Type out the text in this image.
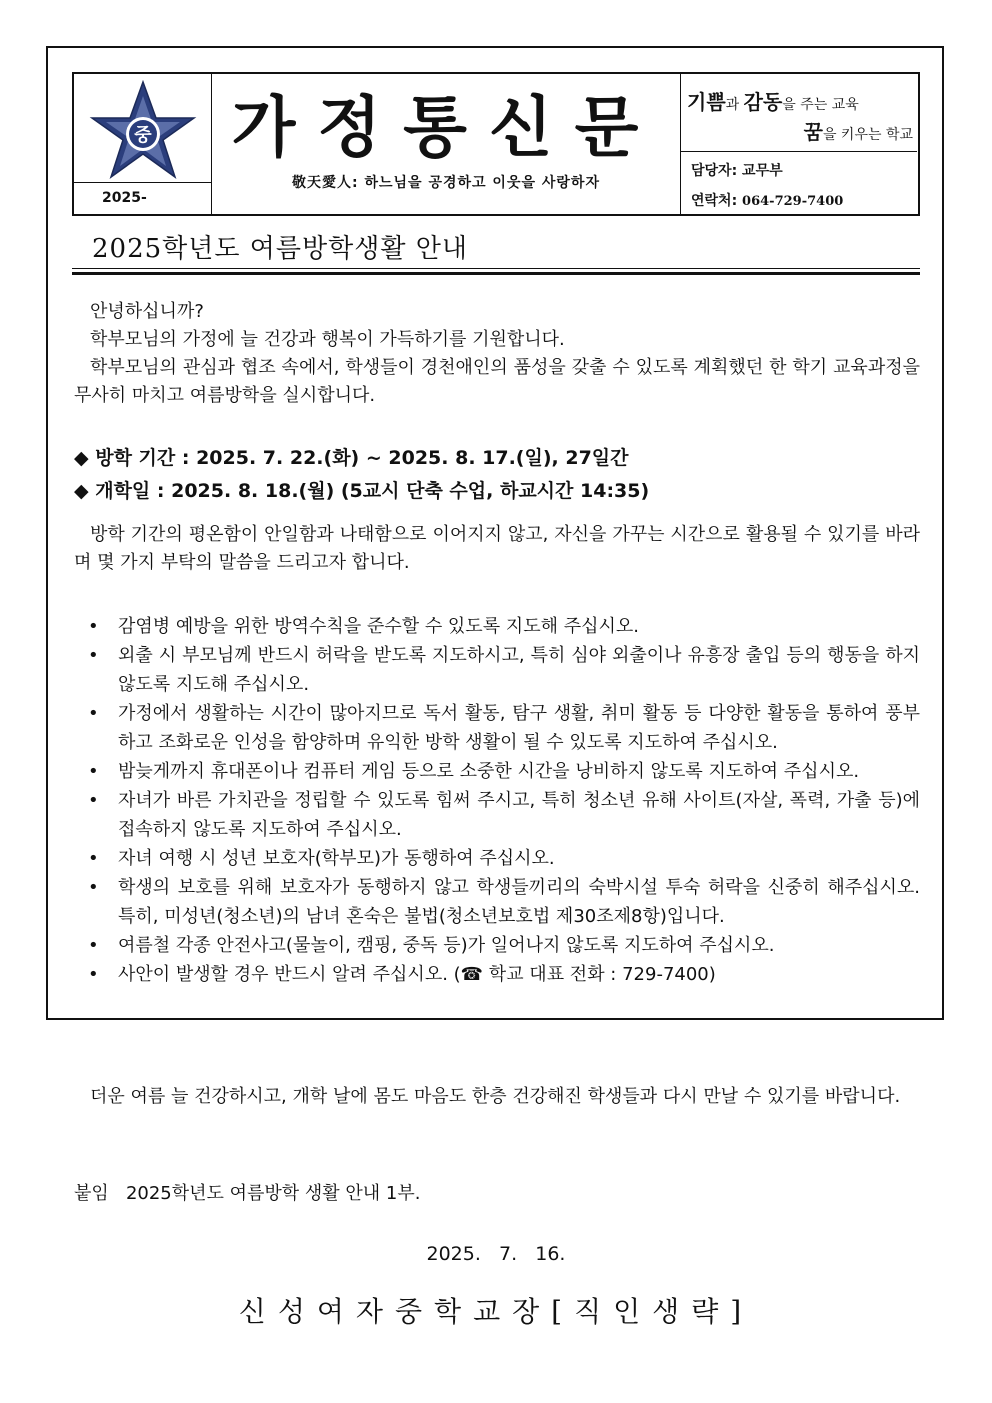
중
2025-
가정통신문
敬天愛人: 하느님을 공경하고 이웃을 사랑하자
기쁨과 감동을 주는 교육
꿈을 키우는 학교
담당자: 교무부
연락처: 064-729-7400
2025학년도 여름방학생활 안내
안녕하십니까?
학부모님의 가정에 늘 건강과 행복이 가득하기를 기원합니다.
학부모님의 관심과 협조 속에서, 학생들이 경천애인의 품성을 갖출 수 있도록 계획했던 한 학기 교육과정을 무사히 마치고 여름방학을 실시합니다.
◆ 방학 기간 : 2025. 7. 22.(화) ~ 2025. 8. 17.(일), 27일간
◆ 개학일 : 2025. 8. 18.(월) (5교시 단축 수업, 하교시간 14:35)
방학 기간의 평온함이 안일함과 나태함으로 이어지지 않고, 자신을 가꾸는 시간으로 활용될 수 있기를 바라며 몇 가지 부탁의 말씀을 드리고자 합니다.
• 감염병 예방을 위한 방역수칙을 준수할 수 있도록 지도해 주십시오.
• 외출 시 부모님께 반드시 허락을 받도록 지도하시고, 특히 심야 외출이나 유흥장 출입 등의 행동을 하지 않도록 지도해 주십시오.
• 가정에서 생활하는 시간이 많아지므로 독서 활동, 탐구 생활, 취미 활동 등 다양한 활동을 통하여 풍부하고 조화로운 인성을 함양하며 유익한 방학 생활이 될 수 있도록 지도하여 주십시오.
• 밤늦게까지 휴대폰이나 컴퓨터 게임 등으로 소중한 시간을 낭비하지 않도록 지도하여 주십시오.
• 자녀가 바른 가치관을 정립할 수 있도록 힘써 주시고, 특히 청소년 유해 사이트(자살, 폭력, 가출 등)에 접속하지 않도록 지도하여 주십시오.
• 자녀 여행 시 성년 보호자(학부모)가 동행하여 주십시오.
• 학생의 보호를 위해 보호자가 동행하지 않고 학생들끼리의 숙박시설 투숙 허락을 신중히 해주십시오. 특히, 미성년(청소년)의 남녀 혼숙은 불법(청소년보호법 제30조제8항)입니다.
• 여름철 각종 안전사고(물놀이, 캠핑, 중독 등)가 일어나지 않도록 지도하여 주십시오.
• 사안이 발생할 경우 반드시 알려 주십시오. (☎ 학교 대표 전화 : 729-7400)
더운 여름 늘 건강하시고, 개학 날에 몸도 마음도 한층 건강해진 학생들과 다시 만날 수 있기를 바랍니다.
붙임   2025학년도 여름방학 생활 안내 1부.
2025.   7.   16.
신성여자중학교장[직인생략]
